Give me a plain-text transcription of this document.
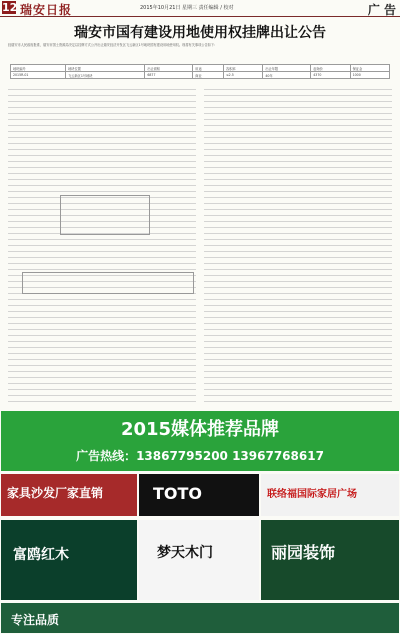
12 瑞安日报	2015年10月21日 星期三 责任编辑 / 校对	广 告
瑞安市国有建设用地使用权挂牌出让公告
经瑞安市人民政府批准，瑞安市国土资源局决定以挂牌方式公开出让瑞安经济开发区飞云新区1号地块国有建设用地使用权。现将有关事项公告如下：
地块编号	地块位置	出让面积	用途	容积率	出让年限	起始价	保证金
2015R-01	飞云新区1号地块	6877	商业	≤2.5	40年	4370	1000
2015媒体推荐品牌
广告热线：13867795200 13967768617
家具沙发厂家直销	TOTO	联络福国际家居广场
富鸥红木	梦天木门	丽园装饰
专注品质
